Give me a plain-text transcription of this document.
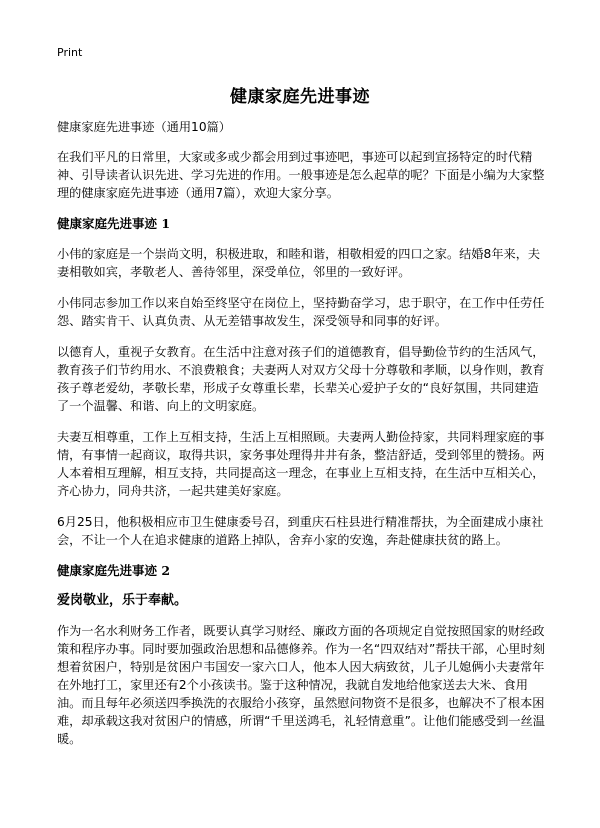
Print
健康家庭先进事迹

健康家庭先进事迹（通用10篇）

在我们平凡的日常里，大家或多或少都会用到过事迹吧，事迹可以起到宣扬特定的时代精神、引导读者认识先进、学习先进的作用。一般事迹是怎么起草的呢？下面是小编为大家整理的健康家庭先进事迹（通用7篇），欢迎大家分享。

健康家庭先进事迹 1

小伟的家庭是一个崇尚文明，积极进取，和睦和谐，相敬相爱的四口之家。结婚8年来，夫妻相敬如宾，孝敬老人、善待邻里，深受单位，邻里的一致好评。

小伟同志参加工作以来自始至终坚守在岗位上，坚持勤奋学习，忠于职守，在工作中任劳任怨、踏实肯干、认真负责、从无差错事故发生，深受领导和同事的好评。

以德育人，重视子女教育。在生活中注意对孩子们的道德教育，倡导勤俭节约的生活风气，教育孩子们节约用水、不浪费粮食；夫妻两人对双方父母十分尊敬和孝顺，以身作则，教育孩子尊老爱幼，孝敬长辈，形成子女尊重长辈，长辈关心爱护子女的“良好氛围，共同建造了一个温馨、和谐、向上的文明家庭。

夫妻互相尊重，工作上互相支持，生活上互相照顾。夫妻两人勤俭持家，共同料理家庭的事情，有事情一起商议，取得共识，家务事处理得井井有条，整洁舒适，受到邻里的赞扬。两人本着相互理解，相互支持，共同提高这一理念，在事业上互相支持，在生活中互相关心，齐心协力，同舟共济，一起共建美好家庭。

6月25日，他积极相应市卫生健康委号召，到重庆石柱县进行精准帮扶，为全面建成小康社会，不让一个人在追求健康的道路上掉队，舍弃小家的安逸，奔赴健康扶贫的路上。

健康家庭先进事迹 2
爱岗敬业，乐于奉献。

作为一名水利财务工作者，既要认真学习财经、廉政方面的各项规定自觉按照国家的财经政策和程序办事。同时要加强政治思想和品德修养。作为一名“四双结对”帮扶干部，心里时刻想着贫困户，特别是贫困户韦国安一家六口人，他本人因大病致贫，儿子儿媳俩小夫妻常年在外地打工，家里还有2个小孩读书。鉴于这种情况，我就自发地给他家送去大米、食用油。而且每年必须送四季换洗的衣服给小孩穿，虽然慰问物资不是很多，也解决不了根本困难，却承载这我对贫困户的情感，所谓“千里送鸿毛，礼轻情意重”。让他们能感受到一丝温暖。
